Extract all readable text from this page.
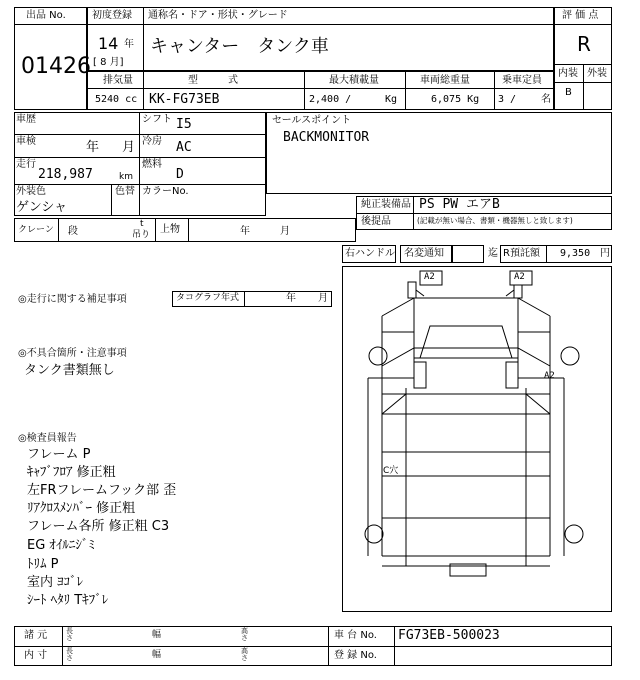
出品 No.
01426
初度登録 通称名・ドア・形状・グレード
14 年
[ 8 月]
キャンター　タンク車
評 価 点
R
内装 外装
B
排気量	型　　　式	最大積載量	車両総重量	乗車定員
5240 cc KK-FG73EB	2,400 /	Kg	6,075 Kg 3 / 名
車歴	シフト I5
車検	年 月 冷房 AC
走行
218,987	km
燃料
D
外装色
ゲンシャ
色替 カラーNo.
セールスポイント
BACKMONITOR
純正装備品 PS PW エアB
後提品	(記載が無い場合、書類・機器無しと致します)
クレーン 段
t
吊り 上物	年	月
右ハンドル 名変通知	迄 R預託額 9,350 円
◎走行に関する補足事項	タコグラフ年式	年 月
◎不具合箇所・注意事項
タンク書類無し
◎検査員報告
フレーム P
ｷｬﾌﾞﾌﾛｱ 修正粗
左FRフレームフック部 歪
ﾘｱｸﾛｽﾒﾝﾊﾞｰ 修正粗
フレーム各所 修正粗 C3
EG ｵｲﾙﾆｼﾞﾐ
ﾄﾘﾑ P
室内 ﾖｺﾞﾚ
ｼｰﾄ ﾍﾀﾘ Tｷﾌﾞﾚ
A2	A2
A2
C穴
諸 元
内 寸
長さ	幅	高さ
長さ	幅	高さ
車 台 No. FG73EB-500023
登 録 No.
